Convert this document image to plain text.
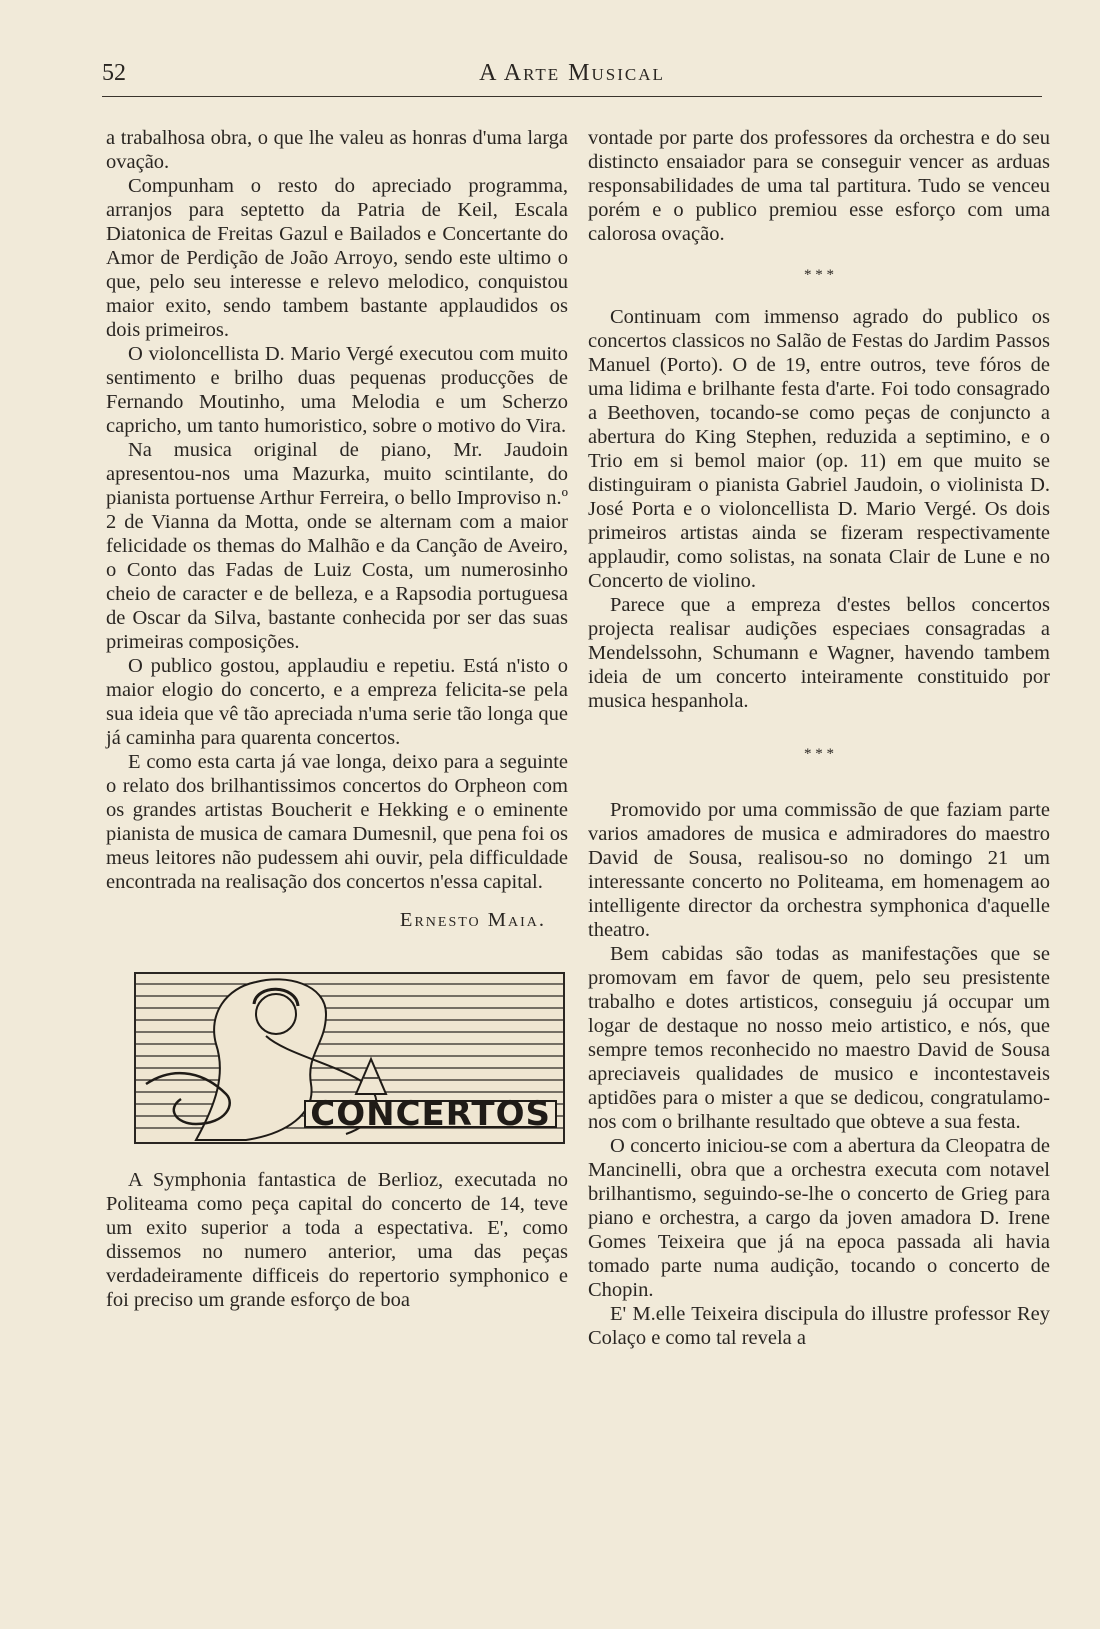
A Arte Musical
52

a trabalhosa obra, o que lhe valeu as honras d'uma larga ovação.

Compunham o resto do apreciado programma, arranjos para septetto da Patria de Keil, Escala Diatonica de Freitas Gazul e Bailados e Concertante do Amor de Perdição de João Arroyo, sendo este ultimo o que, pelo seu interesse e relevo melodico, conquistou maior exito, sendo tambem bastante applaudidos os dois primeiros.

O violoncellista D. Mario Vergé executou com muito sentimento e brilho duas pequenas producções de Fernando Moutinho, uma Melodia e um Scherzo capricho, um tanto humoristico, sobre o motivo do Vira.

Na musica original de piano, Mr. Jaudoin apresentou-nos uma Mazurka, muito scintilante, do pianista portuense Arthur Ferreira, o bello Improviso n.º 2 de Vianna da Motta, onde se alternam com a maior felicidade os themas do Malhão e da Canção de Aveiro, o Conto das Fadas de Luiz Costa, um numerosinho cheio de caracter e de belleza, e a Rapsodia portuguesa de Oscar da Silva, bastante conhecida por ser das suas primeiras composições.

O publico gostou, applaudiu e repetiu. Está n'isto o maior elogio do concerto, e a empreza felicita-se pela sua ideia que vê tão apreciada n'uma serie tão longa que já caminha para quarenta concertos.

E como esta carta já vae longa, deixo para a seguinte o relato dos brilhantissimos concertos do Orpheon com os grandes artistas Boucherit e Hekking e o eminente pianista de musica de camara Dumesnil, que pena foi os meus leitores não pudessem ahi ouvir, pela difficuldade encontrada na realisação dos concertos n'essa capital.

Ernesto Maia.
CONCERTOS

A Symphonia fantastica de Berlioz, executada no Politeama como peça capital do concerto de 14, teve um exito superior a toda a espectativa. E', como dissemos no numero anterior, uma das peças verdadeiramente difficeis do repertorio symphonico e foi preciso um grande esforço de boa

vontade por parte dos professores da orchestra e do seu distincto ensaiador para se conseguir vencer as arduas responsabilidades de uma tal partitura. Tudo se venceu porém e o publico premiou esse esforço com uma calorosa ovação.

* * *

Continuam com immenso agrado do publico os concertos classicos no Salão de Festas do Jardim Passos Manuel (Porto). O de 19, entre outros, teve fóros de uma lidima e brilhante festa d'arte. Foi todo consagrado a Beethoven, tocando-se como peças de conjuncto a abertura do King Stephen, reduzida a septimino, e o Trio em si bemol maior (op. 11) em que muito se distinguiram o pianista Gabriel Jaudoin, o violinista D. José Porta e o violoncellista D. Mario Vergé. Os dois primeiros artistas ainda se fizeram respectivamente applaudir, como solistas, na sonata Clair de Lune e no Concerto de violino.

Parece que a empreza d'estes bellos concertos projecta realisar audições especiaes consagradas a Mendelssohn, Schumann e Wagner, havendo tambem ideia de um concerto inteiramente constituido por musica hespanhola.

* * *

Promovido por uma commissão de que faziam parte varios amadores de musica e admiradores do maestro David de Sousa, realisou-so no domingo 21 um interessante concerto no Politeama, em homenagem ao intelligente director da orchestra symphonica d'aquelle theatro.

Bem cabidas são todas as manifestações que se promovam em favor de quem, pelo seu presistente trabalho e dotes artisticos, conseguiu já occupar um logar de destaque no nosso meio artistico, e nós, que sempre temos reconhecido no maestro David de Sousa apreciaveis qualidades de musico e incontestaveis aptidões para o mister a que se dedicou, congratulamo-nos com o brilhante resultado que obteve a sua festa.

O concerto iniciou-se com a abertura da Cleopatra de Mancinelli, obra que a orchestra executa com notavel brilhantismo, seguindo-se-lhe o concerto de Grieg para piano e orchestra, a cargo da joven amadora D. Irene Gomes Teixeira que já na epoca passada ali havia tomado parte numa audição, tocando o concerto de Chopin.

E' M.elle Teixeira discipula do illustre professor Rey Colaço e como tal revela a
